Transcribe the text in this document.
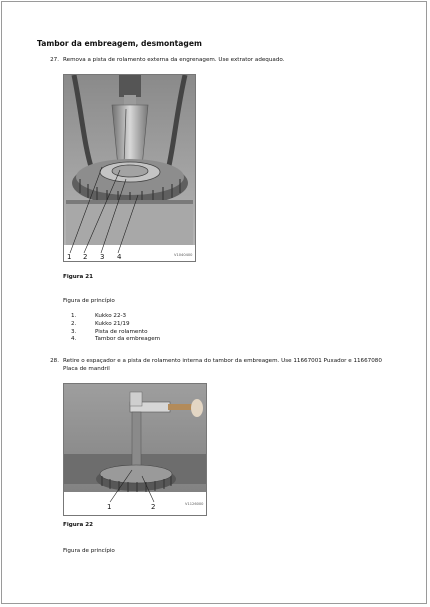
Tambor da embreagem, desmontagem
27. Remova a pista de rolamento externa da engrenagem. Use extrator adequado.
1 2 3 4	V1040400
Figura 21
Figura de princípio
1.	Kukko 22-3
2.	Kukko 21/19
3.	Pista de rolamento
4.	Tambor da embreagem
28. Retire o espaçador e a pista de rolamento interna do tambor da embreagem. Use 11667001 Puxador e 11667080
Placa de mandril
1	2	V1126000
Figura 22
Figura de princípio
